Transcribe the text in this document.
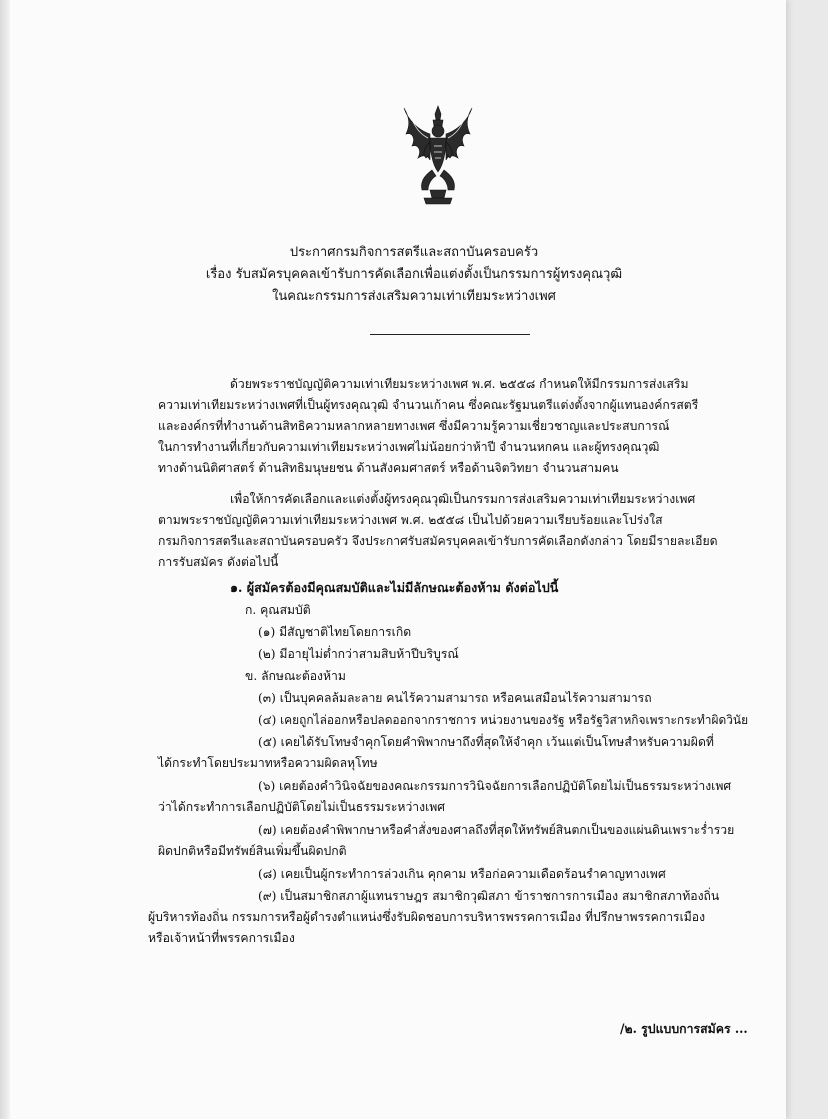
ประกาศกรมกิจการสตรีและสถาบันครอบครัว
เรื่อง รับสมัครบุคคลเข้ารับการคัดเลือกเพื่อแต่งตั้งเป็นกรรมการผู้ทรงคุณวุฒิ
ในคณะกรรมการส่งเสริมความเท่าเทียมระหว่างเพศ
ด้วยพระราชบัญญัติความเท่าเทียมระหว่างเพศ พ.ศ. ๒๕๕๘ กำหนดให้มีกรรมการส่งเสริม
ความเท่าเทียมระหว่างเพศที่เป็นผู้ทรงคุณวุฒิ จำนวนเก้าคน ซึ่งคณะรัฐมนตรีแต่งตั้งจากผู้แทนองค์กรสตรี
และองค์กรที่ทำงานด้านสิทธิความหลากหลายทางเพศ ซึ่งมีความรู้ความเชี่ยวชาญและประสบการณ์
ในการทำงานที่เกี่ยวกับความเท่าเทียมระหว่างเพศไม่น้อยกว่าห้าปี จำนวนหกคน และผู้ทรงคุณวุฒิ
ทางด้านนิติศาสตร์ ด้านสิทธิมนุษยชน ด้านสังคมศาสตร์ หรือด้านจิตวิทยา จำนวนสามคน
เพื่อให้การคัดเลือกและแต่งตั้งผู้ทรงคุณวุฒิเป็นกรรมการส่งเสริมความเท่าเทียมระหว่างเพศ
ตามพระราชบัญญัติความเท่าเทียมระหว่างเพศ พ.ศ. ๒๕๕๘ เป็นไปด้วยความเรียบร้อยและโปร่งใส
กรมกิจการสตรีและสถาบันครอบครัว จึงประกาศรับสมัครบุคคลเข้ารับการคัดเลือกดังกล่าว โดยมีรายละเอียด
การรับสมัคร ดังต่อไปนี้
๑. ผู้สมัครต้องมีคุณสมบัติและไม่มีลักษณะต้องห้าม ดังต่อไปนี้
ก. คุณสมบัติ
(๑) มีสัญชาติไทยโดยการเกิด
(๒) มีอายุไม่ต่ำกว่าสามสิบห้าปีบริบูรณ์
ข. ลักษณะต้องห้าม
(๓) เป็นบุคคลล้มละลาย คนไร้ความสามารถ หรือคนเสมือนไร้ความสามารถ
(๔) เคยถูกไล่ออกหรือปลดออกจากราชการ หน่วยงานของรัฐ หรือรัฐวิสาหกิจเพราะกระทำผิดวินัย
(๕) เคยได้รับโทษจำคุกโดยคำพิพากษาถึงที่สุดให้จำคุก เว้นแต่เป็นโทษสำหรับความผิดที่
ได้กระทำโดยประมาทหรือความผิดลหุโทษ
(๖) เคยต้องคำวินิจฉัยของคณะกรรมการวินิจฉัยการเลือกปฏิบัติโดยไม่เป็นธรรมระหว่างเพศ
ว่าได้กระทำการเลือกปฏิบัติโดยไม่เป็นธรรมระหว่างเพศ
(๗) เคยต้องคำพิพากษาหรือคำสั่งของศาลถึงที่สุดให้ทรัพย์สินตกเป็นของแผ่นดินเพราะร่ำรวย
ผิดปกติหรือมีทรัพย์สินเพิ่มขึ้นผิดปกติ
(๘) เคยเป็นผู้กระทำการล่วงเกิน คุกคาม หรือก่อความเดือดร้อนรำคาญทางเพศ
(๙) เป็นสมาชิกสภาผู้แทนราษฎร สมาชิกวุฒิสภา ข้าราชการการเมือง สมาชิกสภาท้องถิ่น
ผู้บริหารท้องถิ่น กรรมการหรือผู้ดำรงตำแหน่งซึ่งรับผิดชอบการบริหารพรรคการเมือง ที่ปรึกษาพรรคการเมือง
หรือเจ้าหน้าที่พรรคการเมือง
/๒. รูปแบบการสมัคร ...
